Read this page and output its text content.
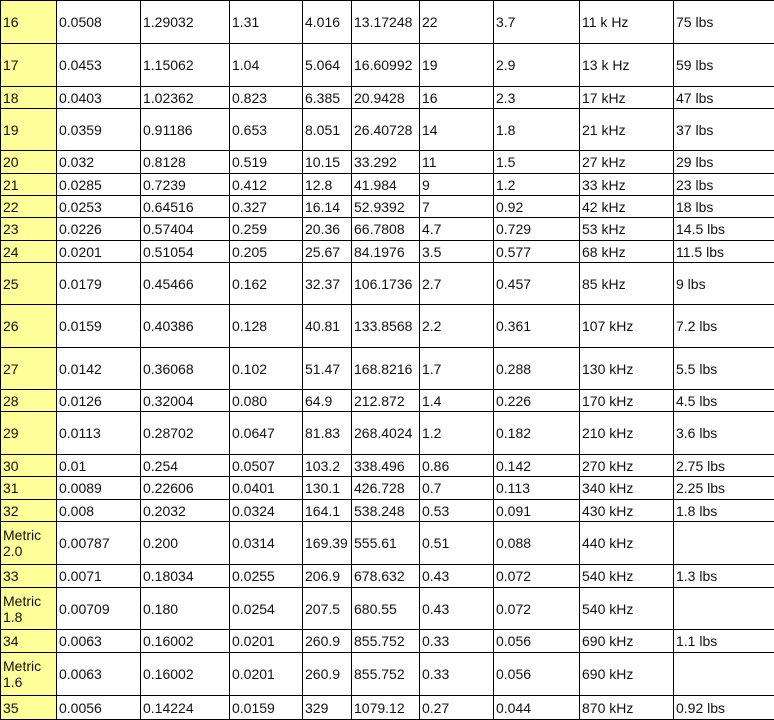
16	0.0508	1.29032	1.31	4.016	13.17248	22	3.7	11 k Hz	75 lbs
17	0.0453	1.15062	1.04	5.064	16.60992	19	2.9	13 k Hz	59 lbs
18	0.0403	1.02362	0.823	6.385	20.9428	16	2.3	17 kHz	47 lbs
19	0.0359	0.91186	0.653	8.051	26.40728	14	1.8	21 kHz	37 lbs
20	0.032	0.8128	0.519	10.15	33.292	11	1.5	27 kHz	29 lbs
21	0.0285	0.7239	0.412	12.8	41.984	9	1.2	33 kHz	23 lbs
22	0.0253	0.64516	0.327	16.14	52.9392	7	0.92	42 kHz	18 lbs
23	0.0226	0.57404	0.259	20.36	66.7808	4.7	0.729	53 kHz	14.5 lbs
24	0.0201	0.51054	0.205	25.67	84.1976	3.5	0.577	68 kHz	11.5 lbs
25	0.0179	0.45466	0.162	32.37	106.1736	2.7	0.457	85 kHz	9 lbs
26	0.0159	0.40386	0.128	40.81	133.8568	2.2	0.361	107 kHz	7.2 lbs
27	0.0142	0.36068	0.102	51.47	168.8216	1.7	0.288	130 kHz	5.5 lbs
28	0.0126	0.32004	0.080	64.9	212.872	1.4	0.226	170 kHz	4.5 lbs
29	0.0113	0.28702	0.0647	81.83	268.4024	1.2	0.182	210 kHz	3.6 lbs
30	0.01	0.254	0.0507	103.2	338.496	0.86	0.142	270 kHz	2.75 lbs
31	0.0089	0.22606	0.0401	130.1	426.728	0.7	0.113	340 kHz	2.25 lbs
32	0.008	0.2032	0.0324	164.1	538.248	0.53	0.091	430 kHz	1.8 lbs
Metric 2.0	0.00787	0.200	0.0314	169.39	555.61	0.51	0.088	440 kHz	
33	0.0071	0.18034	0.0255	206.9	678.632	0.43	0.072	540 kHz	1.3 lbs
Metric 1.8	0.00709	0.180	0.0254	207.5	680.55	0.43	0.072	540 kHz	
34	0.0063	0.16002	0.0201	260.9	855.752	0.33	0.056	690 kHz	1.1 lbs
Metric 1.6	0.0063	0.16002	0.0201	260.9	855.752	0.33	0.056	690 kHz	
35	0.0056	0.14224	0.0159	329	1079.12	0.27	0.044	870 kHz	0.92 lbs
